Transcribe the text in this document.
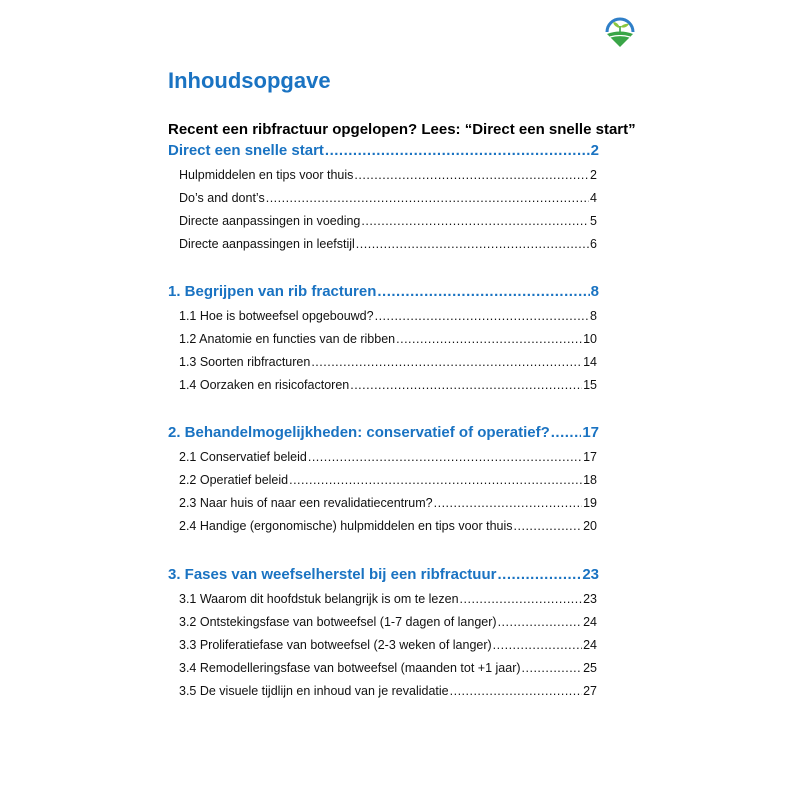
Inhoudsopgave
Recent een ribfractuur opgelopen? Lees: “Direct een snelle start”
Direct een snelle start .....	2
Hulpmiddelen en tips voor thuis .....	2
Do’s and dont’s .....	4
Directe aanpassingen in voeding .....	5
Directe aanpassingen in leefstijl .....	6
1. Begrijpen van rib fracturen .....	8
1.1 Hoe is botweefsel opgebouwd? .....	8
1.2 Anatomie en functies van de ribben .....	10
1.3 Soorten ribfracturen .....	14
1.4 Oorzaken en risicofactoren .....	15
2. Behandelmogelijkheden: conservatief of operatief? ..... 17
2.1 Conservatief beleid .....	17
2.2 Operatief beleid .....	18
2.3 Naar huis of naar een revalidatiecentrum? .....	19
2.4 Handige (ergonomische) hulpmiddelen en tips voor thuis .....	20
3. Fases van weefselherstel bij een ribfractuur .....	23
3.1 Waarom dit hoofdstuk belangrijk is om te lezen .....	23
3.2 Ontstekingsfase van botweefsel (1-7 dagen of langer) .....	24
3.3 Proliferatiefase van botweefsel (2-3 weken of langer) .....	24
3.4 Remodelleringsfase van botweefsel (maanden tot +1 jaar) .....	25
3.5 De visuele tijdlijn en inhoud van je revalidatie .....	27
